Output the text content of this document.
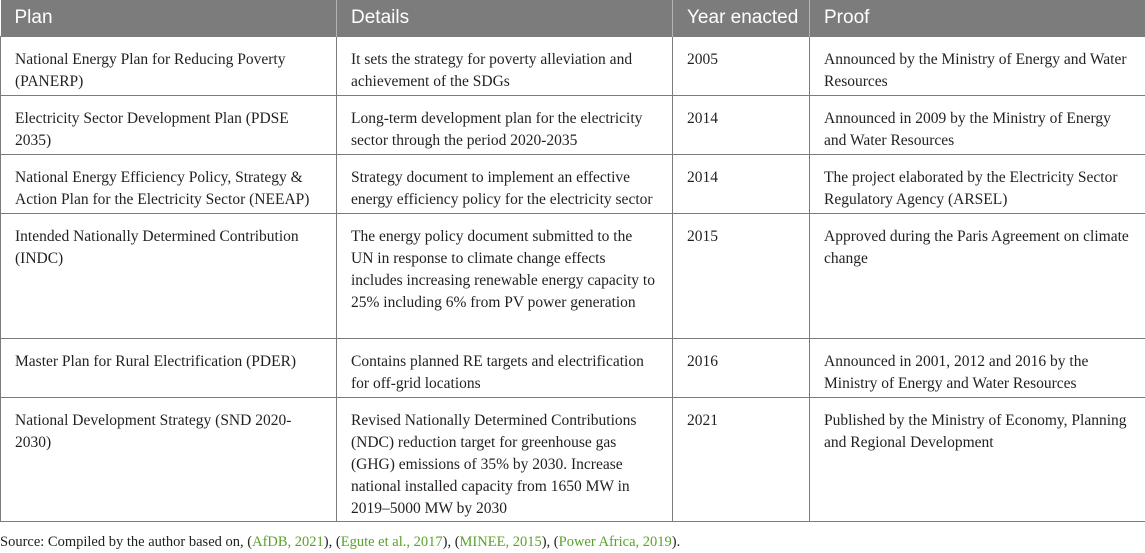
Plan	Details	Year enacted	Proof
National Energy Plan for Reducing Poverty (PANERP)	It sets the strategy for poverty alleviation and achievement of the SDGs	2005	Announced by the Ministry of Energy and Water Resources
Electricity Sector Development Plan (PDSE 2035)	Long-term development plan for the electricity sector through the period 2020-2035	2014	Announced in 2009 by the Ministry of Energy and Water Resources
National Energy Efficiency Policy, Strategy & Action Plan for the Electricity Sector (NEEAP)	Strategy document to implement an effective energy efficiency policy for the electricity sector	2014	The project elaborated by the Electricity Sector Regulatory Agency (ARSEL)
Intended Nationally Determined Contribution (INDC)	The energy policy document submitted to the UN in response to climate change effects includes increasing renewable energy capacity to 25% including 6% from PV power generation	2015	Approved during the Paris Agreement on climate change
Master Plan for Rural Electrification (PDER)	Contains planned RE targets and electrification for off-grid locations	2016	Announced in 2001, 2012 and 2016 by the Ministry of Energy and Water Resources
National Development Strategy (SND 2020-2030)	Revised Nationally Determined Contributions (NDC) reduction target for greenhouse gas (GHG) emissions of 35% by 2030. Increase national installed capacity from 1650 MW in 2019–5000 MW by 2030	2021	Published by the Ministry of Economy, Planning and Regional Development
Source: Compiled by the author based on, (AfDB, 2021), (Egute et al., 2017), (MINEE, 2015), (Power Africa, 2019).
